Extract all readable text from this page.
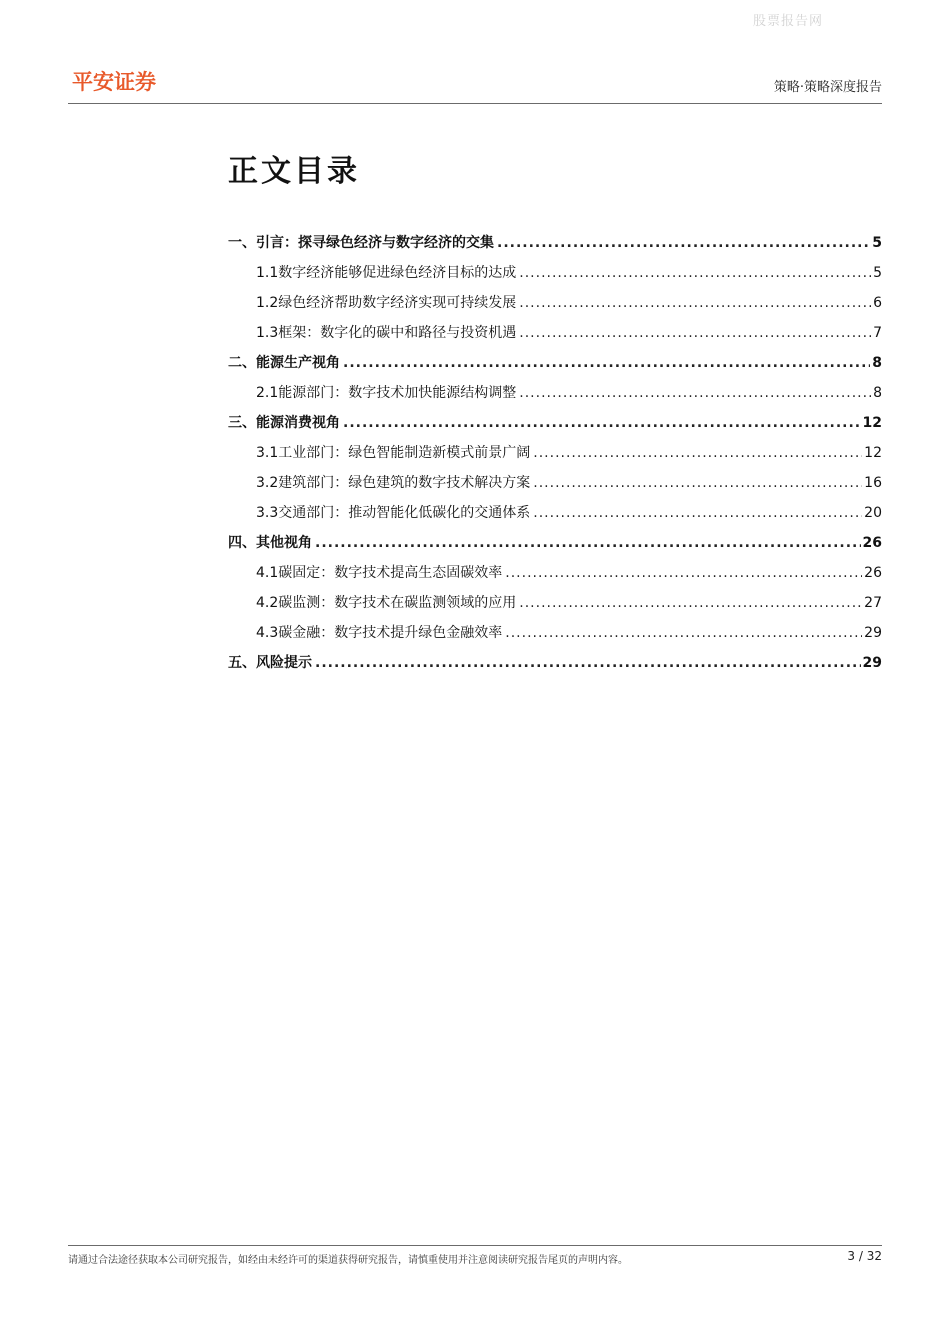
股票报告网
平安证券	策略·策略深度报告
正文目录
一、 引言：探寻绿色经济与数字经济的交集 .....	5
1.1 数字经济能够促进绿色经济目标的达成 .....	5
1.2 绿色经济帮助数字经济实现可持续发展 .....	6
1.3 框架：数字化的碳中和路径与投资机遇 .....	7
二、 能源生产视角 .....	8
2.1 能源部门：数字技术加快能源结构调整 .....	8
三、 能源消费视角 .....	12
3.1 工业部门：绿色智能制造新模式前景广阔 .....	12
3.2 建筑部门：绿色建筑的数字技术解决方案 .....	16
3.3 交通部门：推动智能化低碳化的交通体系 .....	20
四、 其他视角 .....	26
4.1 碳固定：数字技术提高生态固碳效率 .....	26
4.2 碳监测：数字技术在碳监测领域的应用 .....	27
4.3 碳金融：数字技术提升绿色金融效率 .....	29
五、 风险提示 .....	29
请通过合法途径获取本公司研究报告，如经由未经许可的渠道获得研究报告，请慎重使用并注意阅读研究报告尾页的声明内容。	3 / 32
